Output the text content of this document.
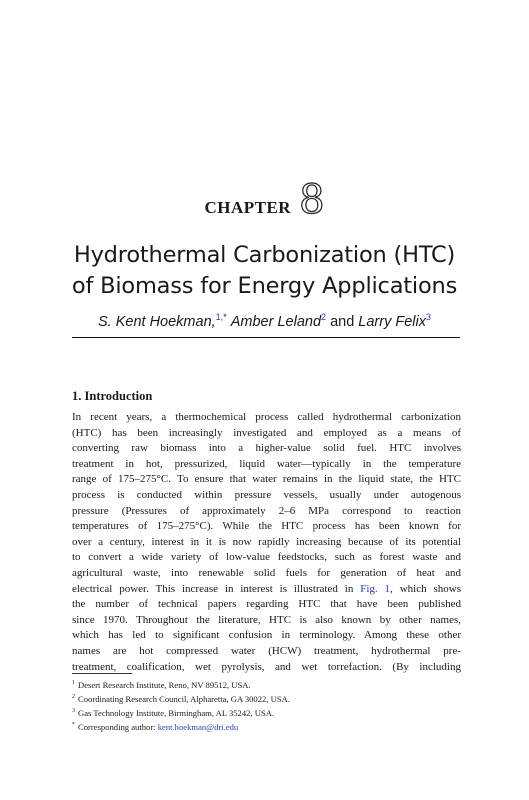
CHAPTER 8
Hydrothermal Carbonization (HTC)
of Biomass for Energy Applications
S. Kent Hoekman,$^{1,*}$ Amber Leland$^2$ and Larry Felix$^3$
1. Introduction
In recent years, a thermochemical process called hydrothermal carbonization
(HTC) has been increasingly investigated and employed as a means of
converting raw biomass into a higher-value solid fuel. HTC involves
treatment in hot, pressurized, liquid water—typically in the temperature
range of 175–275°C. To ensure that water remains in the liquid state, the HTC
process is conducted within pressure vessels, usually under autogenous
pressure (Pressures of approximately 2–6 MPa correspond to reaction
temperatures of 175–275°C). While the HTC process has been known for
over a century, interest in it is now rapidly increasing because of its potential
to convert a wide variety of low-value feedstocks, such as forest waste and
agricultural waste, into renewable solid fuels for generation of heat and
electrical power. This increase in interest is illustrated in Fig. 1, which shows
the number of technical papers regarding HTC that have been published
since 1970. Throughout the literature, HTC is also known by other names,
which has led to significant confusion in terminology. Among these other
names are hot compressed water (HCW) treatment, hydrothermal pre-
treatment, coalification, wet pyrolysis, and wet torrefaction. (By including
$^1$ Desert Research Institute, Reno, NV 89512, USA.
$^2$ Coordinating Research Council, Alpharetta, GA 30022, USA.
$^3$ Gas Technology Institute, Birmingham, AL 35242, USA.
* Corresponding author: kent.hoekman@dri.edu
